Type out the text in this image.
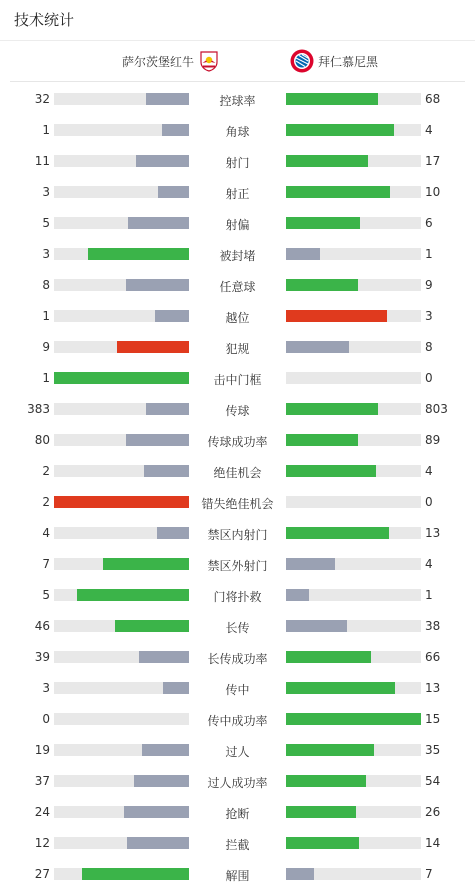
技术统计
萨尔茨堡红牛	拜仁慕尼黑
32	控球率	68
1	角球	4
11	射门	17
3	射正	10
5	射偏	6
3	被封堵	1
8	任意球	9
1	越位	3
9	犯规	8
1	击中门框	0
383	传球	803
80	传球成功率	89
2	绝佳机会	4
2	错失绝佳机会	0
4	禁区内射门	13
7	禁区外射门	4
5	门将扑救	1
46	长传	38
39	长传成功率	66
3	传中	13
0	传中成功率	15
19	过人	35
37	过人成功率	54
24	抢断	26
12	拦截	14
27	解围	7
